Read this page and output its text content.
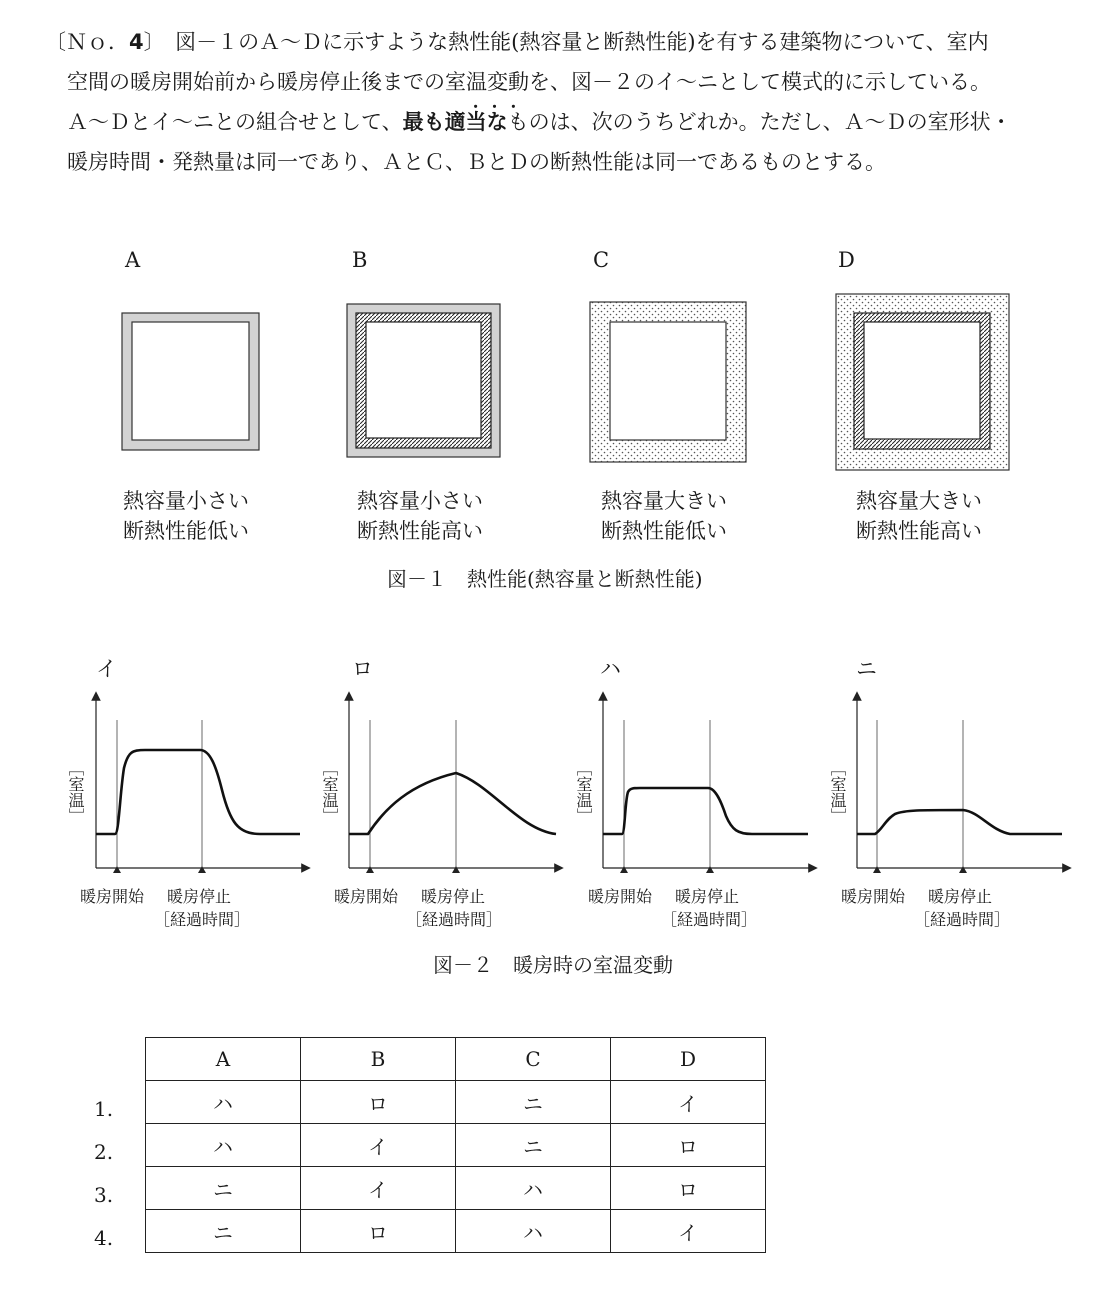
〔Ｎｏ．4〕　 図－１のＡ～Ｄに示すような熱性能(熱容量と断熱性能)を有する建築物について、室内
空間の暖房開始前から暖房停止後までの室温変動を、図－２のイ～ニとして模式的に示している。
Ａ～Ｄとイ～ニとの組合せとして、最も・ ・ ・ 適当なものは、次のうちどれか。ただし、Ａ～Ｄの室形状・
暖房時間・発熱量は同一であり、ＡとＣ、ＢとＤの断熱性能は同一であるものとする。
A	B	C	D
熱容量小さい
断熱性能低い
熱容量小さい
断熱性能高い
熱容量大きい
断熱性能低い
熱容量大きい
断熱性能高い
図－１　熱性能(熱容量と断熱性能)
イ	ロ	ハ	ニ
［室温］	［室温］	［室温］	［室温］
暖房開始 暖房停止
［経過時間］
暖房開始 暖房停止
［経過時間］
暖房開始 暖房停止
［経過時間］
暖房開始 暖房停止
［経過時間］
図－２　暖房時の室温変動
1.
2.
3.
4.
A	B	C	D
ハ	ロ	ニ	イ
ハ	イ	ニ	ロ
ニ	イ	ハ	ロ
ニ	ロ	ハ	イ
